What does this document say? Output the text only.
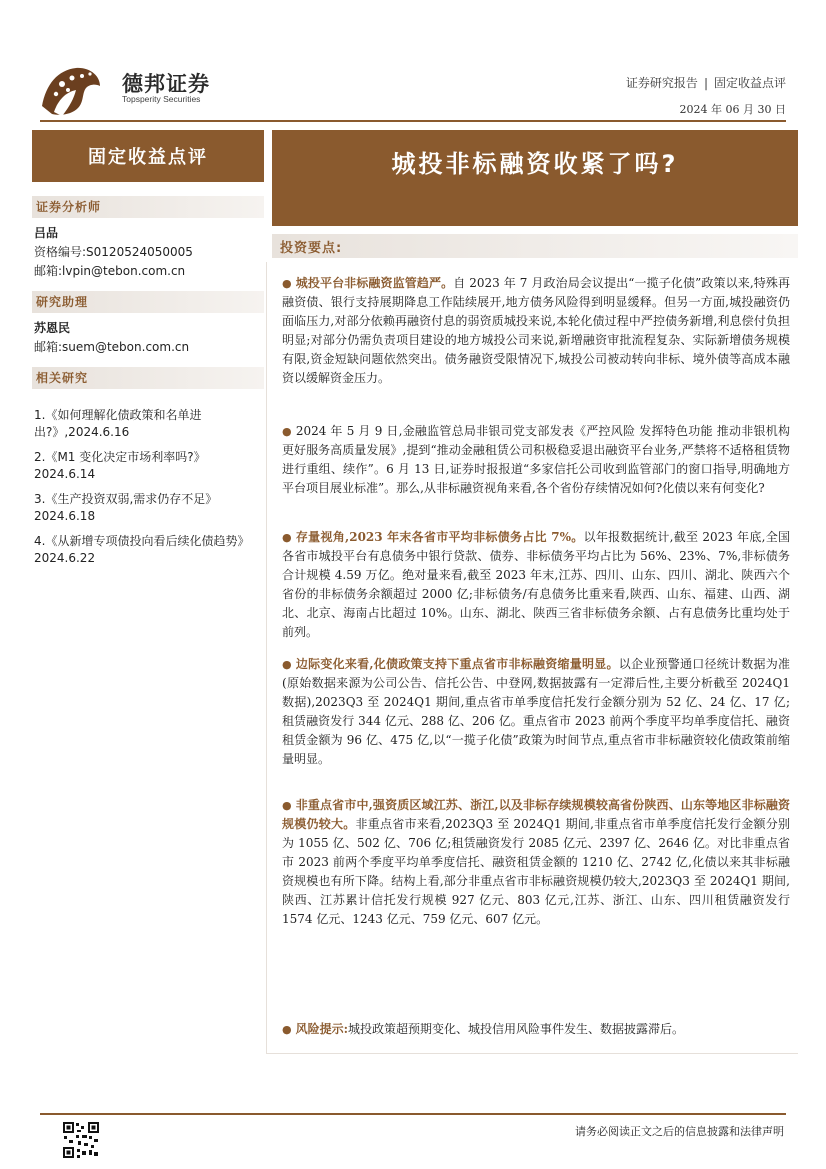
德邦证券
Topsperity Securities
证券研究报告 | 固定收益点评
2024 年 06 月 30 日
固定收益点评	城投非标融资收紧了吗?
证券分析师
吕品
资格编号:S0120524050005
邮箱:lvpin@tebon.com.cn
研究助理
苏恩民
邮箱:suem@tebon.com.cn
相关研究
1.《如何理解化债政策和名单进出?》,2024.6.16
2.《M1 变化决定市场利率吗?》2024.6.14
3.《生产投资双弱,需求仍存不足》2024.6.18
4.《从新增专项债投向看后续化债趋势》2024.6.22
投资要点:
● 城投平台非标融资监管趋严。自 2023 年 7 月政治局会议提出“一揽子化债”政策以来,特殊再融资债、银行支持展期降息工作陆续展开,地方债务风险得到明显缓释。但另一方面,城投融资仍面临压力,对部分依赖再融资付息的弱资质城投来说,本轮化债过程中严控债务新增,利息偿付负担明显;对部分仍需负责项目建设的地方城投公司来说,新增融资审批流程复杂、实际新增债务规模有限,资金短缺问题依然突出。债务融资受限情况下,城投公司被动转向非标、境外债等高成本融资以缓解资金压力。
● 2024 年 5 月 9 日,金融监管总局非银司党支部发表《严控风险 发挥特色功能 推动非银机构更好服务高质量发展》,提到“推动金融租赁公司积极稳妥退出融资平台业务,严禁将不适格租赁物进行重组、续作”。6 月 13 日,证券时报报道“多家信托公司收到监管部门的窗口指导,明确地方平台项目展业标准”。那么,从非标融资视角来看,各个省份存续情况如何?化债以来有何变化?
● 存量视角,2023 年末各省市平均非标债务占比 7%。以年报数据统计,截至 2023 年底,全国各省市城投平台有息债务中银行贷款、债券、非标债务平均占比为 56%、23%、7%,非标债务合计规模 4.59 万亿。绝对量来看,截至 2023 年末,江苏、四川、山东、四川、湖北、陕西六个省份的非标债务余额超过 2000 亿;非标债务/有息债务比重来看,陕西、山东、福建、山西、湖北、北京、海南占比超过 10%。山东、湖北、陕西三省非标债务余额、占有息债务比重均处于前列。
● 边际变化来看,化债政策支持下重点省市非标融资缩量明显。以企业预警通口径统计数据为准(原始数据来源为公司公告、信托公告、中登网,数据披露有一定滞后性,主要分析截至 2024Q1 数据),2023Q3 至 2024Q1 期间,重点省市单季度信托发行金额分别为 52 亿、24 亿、17 亿;租赁融资发行 344 亿元、288 亿、206 亿。重点省市 2023 前两个季度平均单季度信托、融资租赁金额为 96 亿、475 亿,以“一揽子化债”政策为时间节点,重点省市非标融资较化债政策前缩量明显。
● 非重点省市中,强资质区域江苏、浙江,以及非标存续规模较高省份陕西、山东等地区非标融资规模仍较大。非重点省市来看,2023Q3 至 2024Q1 期间,非重点省市单季度信托发行金额分别为 1055 亿、502 亿、706 亿;租赁融资发行 2085 亿元、2397 亿、2646 亿。对比非重点省市 2023 前两个季度平均单季度信托、融资租赁金额的 1210 亿、2742 亿,化债以来其非标融资规模也有所下降。结构上看,部分非重点省市非标融资规模仍较大,2023Q3 至 2024Q1 期间,陕西、江苏累计信托发行规模 927 亿元、803 亿元,江苏、浙江、山东、四川租赁融资发行 1574 亿元、1243 亿元、759 亿元、607 亿元。
● 风险提示:城投政策超预期变化、城投信用风险事件发生、数据披露滞后。
请务必阅读正文之后的信息披露和法律声明
